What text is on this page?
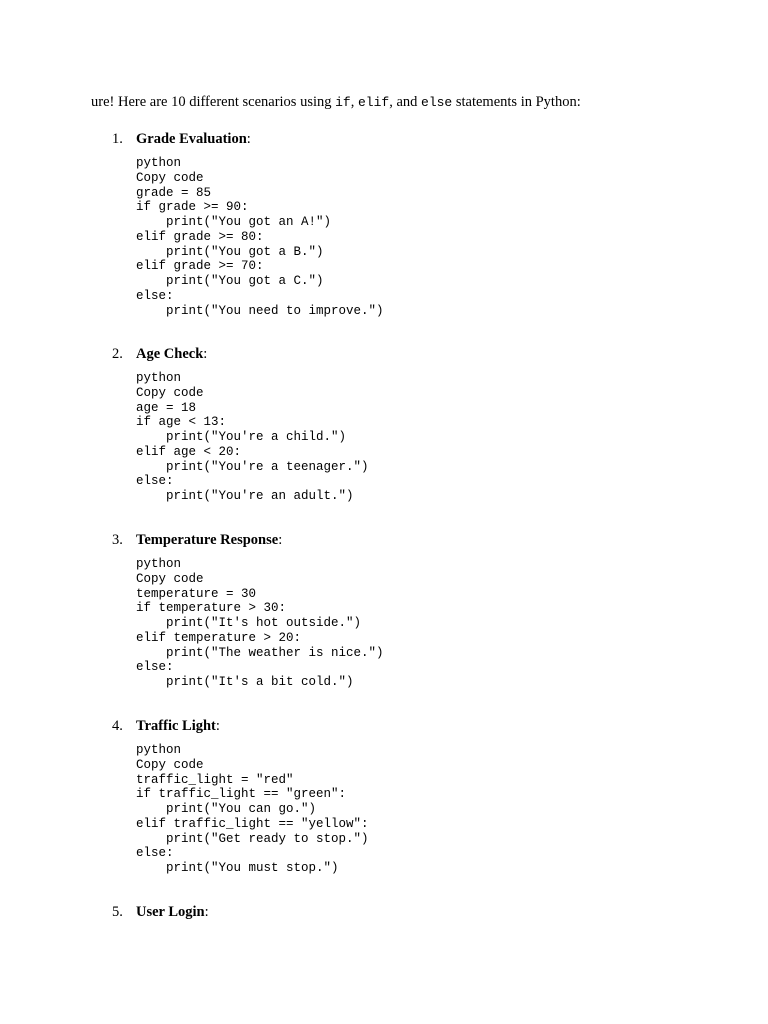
ure! Here are 10 different scenarios using if, elif, and else statements in Python:
1. Grade Evaluation:
python
Copy code
grade = 85
if grade >= 90:
print("You got an A!")
elif grade >= 80:
print("You got a B.")
elif grade >= 70:
print("You got a C.")
else:
print("You need to improve.")
2. Age Check:
python
Copy code
age = 18
if age < 13:
print("You're a child.")
elif age < 20:
print("You're a teenager.")
else:
print("You're an adult.")
3. Temperature Response:
python
Copy code
temperature = 30
if temperature > 30:
print("It's hot outside.")
elif temperature > 20:
print("The weather is nice.")
else:
print("It's a bit cold.")
4. Traffic Light:
python
Copy code
traffic_light = "red"
if traffic_light == "green":
print("You can go.")
elif traffic_light == "yellow":
print("Get ready to stop.")
else:
print("You must stop.")
5. User Login:
